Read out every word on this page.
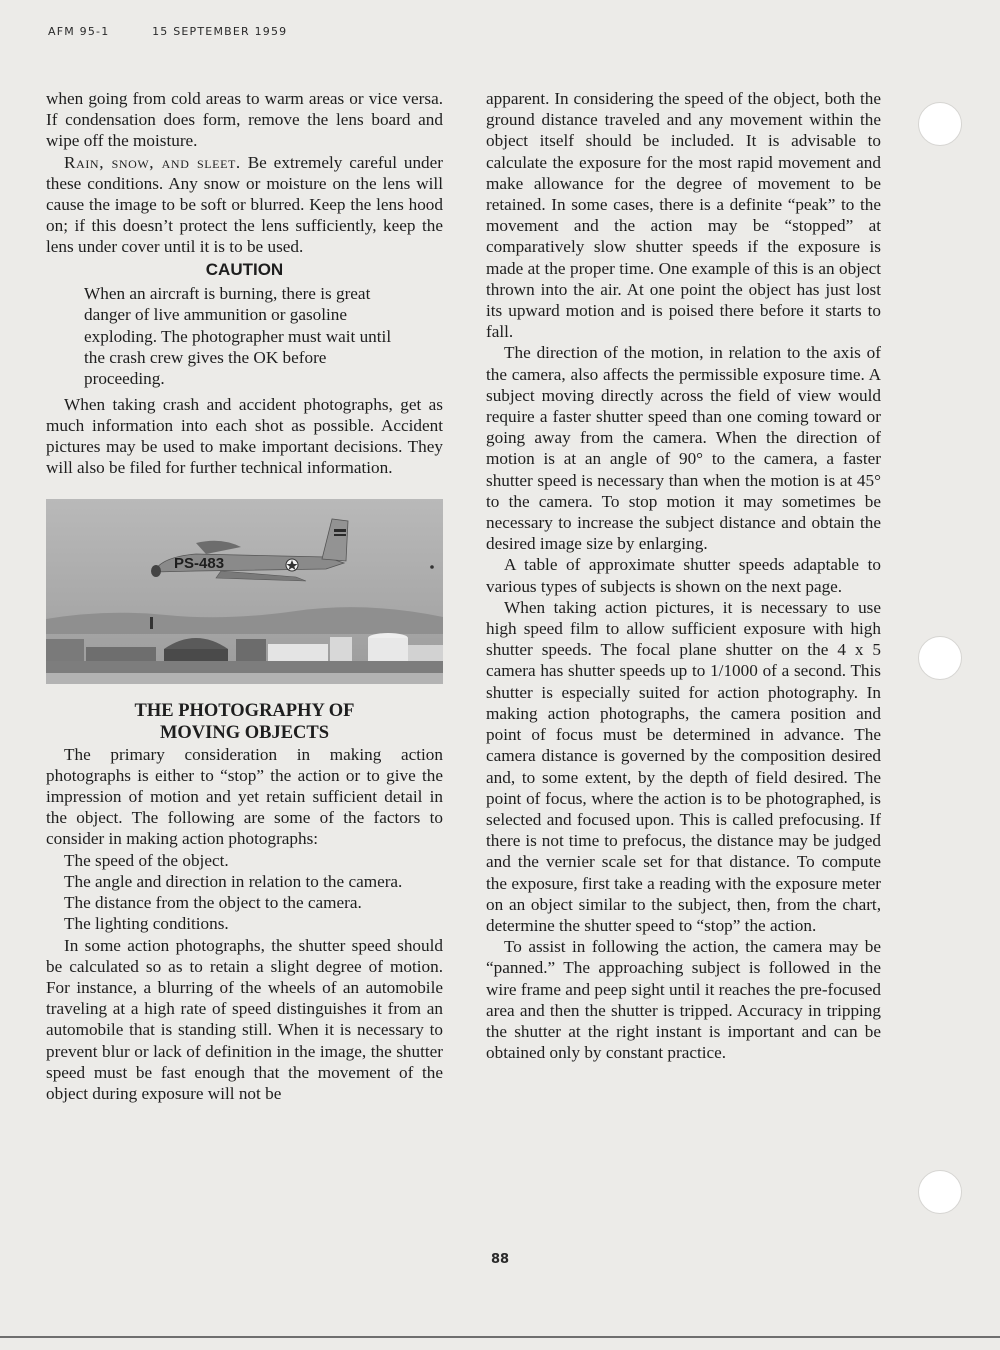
AFM 95-1	15 SEPTEMBER 1959

when going from cold areas to warm areas or vice versa. If condensation does form, remove the lens board and wipe off the moisture.

Rain, snow, and sleet. Be extremely careful under these conditions. Any snow or moisture on the lens will cause the image to be soft or blurred. Keep the lens hood on; if this doesn’t protect the lens sufficiently, keep the lens under cover until it is to be used.

CAUTION

When an aircraft is burning, there is great danger of live ammunition or gasoline exploding. The photographer must wait until the crash crew gives the OK before proceeding.

When taking crash and accident photographs, get as much information into each shot as possible. Accident pictures may be used to make important decisions. They will also be filed for further technical information.

PS-483
THE PHOTOGRAPHY OF
MOVING OBJECTS

The primary consideration in making action photographs is either to “stop” the action or to give the impression of motion and yet retain sufficient detail in the object. The following are some of the factors to consider in making action photographs:

The speed of the object.

The angle and direction in relation to the camera.

The distance from the object to the camera.

The lighting conditions.

In some action photographs, the shutter speed should be calculated so as to retain a slight degree of motion. For instance, a blurring of the wheels of an automobile traveling at a high rate of speed distinguishes it from an automobile that is standing still. When it is necessary to prevent blur or lack of definition in the image, the shutter speed must be fast enough that the movement of the object during exposure will not be

apparent. In considering the speed of the object, both the ground distance traveled and any movement within the object itself should be included. It is advisable to calculate the exposure for the most rapid movement and make allowance for the degree of movement to be retained. In some cases, there is a definite “peak” to the movement and the action may be “stopped” at comparatively slow shutter speeds if the exposure is made at the proper time. One example of this is an object thrown into the air. At one point the object has just lost its upward motion and is poised there before it starts to fall.

The direction of the motion, in relation to the axis of the camera, also affects the permissible exposure time. A subject moving directly across the field of view would require a faster shutter speed than one coming toward or going away from the camera. When the direction of motion is at an angle of 90° to the camera, a faster shutter speed is necessary than when the motion is at 45° to the camera. To stop motion it may sometimes be necessary to increase the subject distance and obtain the desired image size by enlarging.

A table of approximate shutter speeds adaptable to various types of subjects is shown on the next page.

When taking action pictures, it is necessary to use high speed film to allow sufficient exposure with high shutter speeds. The focal plane shutter on the 4 x 5 camera has shutter speeds up to 1/1000 of a second. This shutter is especially suited for action photography. In making action photographs, the camera position and point of focus must be determined in advance. The camera distance is governed by the composition desired and, to some extent, by the depth of field desired. The point of focus, where the action is to be photographed, is selected and focused upon. This is called prefocusing. If there is not time to prefocus, the distance may be judged and the vernier scale set for that distance. To compute the exposure, first take a reading with the exposure meter on an object similar to the subject, then, from the chart, determine the shutter speed to “stop” the action.

To assist in following the action, the camera may be “panned.” The approaching subject is followed in the wire frame and peep sight until it reaches the pre-focused area and then the shutter is tripped. Accuracy in tripping the shutter at the right instant is important and can be obtained only by constant practice.

88
